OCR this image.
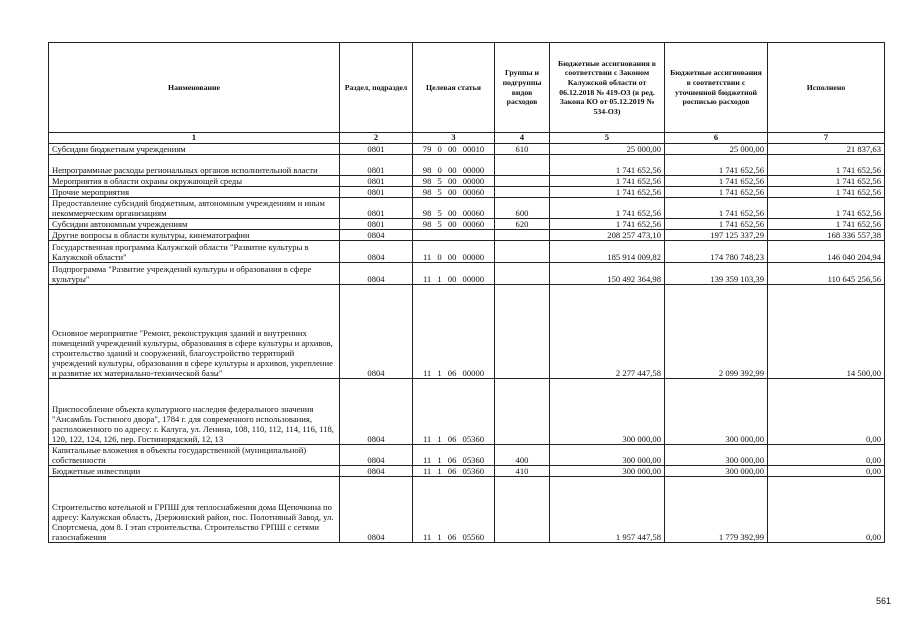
Наименование	Раздел, подраздел	Целевая статья	Группы и подгруппы видов расходов	Бюджетные ассигнования в соответствии с Законом Калужской области от 06.12.2018 № 419-ОЗ (в ред. Закона КО от 05.12.2019 № 534-ОЗ)	Бюджетные ассигнования в соответствии с уточненной бюджетной росписью расходов	Исполнено
1	2	3	4	5	6	7
Субсидии бюджетным учреждениям	0801	79 0 00 00010	610	25 000,00	25 000,00	21 837,63
Непрограммные расходы региональных органов исполнительной власти	0801	98 0 00 00000		1 741 652,56	1 741 652,56	1 741 652,56
Мероприятия в области охраны окружающей среды	0801	98 5 00 00000		1 741 652,56	1 741 652,56	1 741 652,56
Прочие мероприятия	0801	98 5 00 00060		1 741 652,56	1 741 652,56	1 741 652,56
Предоставление субсидий бюджетным, автономным учреждениям и иным некоммерческим организациям	0801	98 5 00 00060	600	1 741 652,56	1 741 652,56	1 741 652,56
Субсидии автономным учреждениям	0801	98 5 00 00060	620	1 741 652,56	1 741 652,56	1 741 652,56
Другие вопросы в области культуры, кинематографии	0804			208 257 473,10	197 125 337,29	168 336 557,38
Государственная программа Калужской области "Развитие культуры в Калужской области"	0804	11 0 00 00000		185 914 009,82	174 780 748,23	146 040 204,94
Подпрограмма "Развитие учреждений культуры и образования в сфере культуры"	0804	11 1 00 00000		150 492 364,98	139 359 103,39	110 645 256,56
Основное мероприятие "Ремонт, реконструкция зданий и внутренних помещений учреждений культуры, образования в сфере культуры и архивов, строительство зданий и сооружений, благоустройство территорий учреждений культуры, образования в сфере культуры и архивов, укрепление и развитие их материально-технической базы"	0804	11 1 06 00000		2 277 447,58	2 099 392,99	14 500,00
Приспособление объекта культурного наследия федерального значения "Ансамбль Гостиного двора", 1784 г. для современного использования, расположенного по адресу: г. Калуга, ул. Ленина, 108, 110, 112, 114, 116, 118, 120, 122, 124, 126, пер. Гостинорядский, 12, 13	0804	11 1 06 05360		300 000,00	300 000,00	0,00
Капитальные вложения в объекты государственной (муниципальной) собственности	0804	11 1 06 05360	400	300 000,00	300 000,00	0,00
Бюджетные инвестиции	0804	11 1 06 05360	410	300 000,00	300 000,00	0,00
Строительство котельной и ГРПШ для теплоснабжения дома Щепочкина по адресу: Калужская область, Дзержинский район, пос. Полотняный Завод, ул. Спортсмена, дом 8. I этап строительства. Строительство ГРПШ с сетями газоснабжения	0804	11 1 06 05560		1 957 447,58	1 779 392,99	0,00
561
